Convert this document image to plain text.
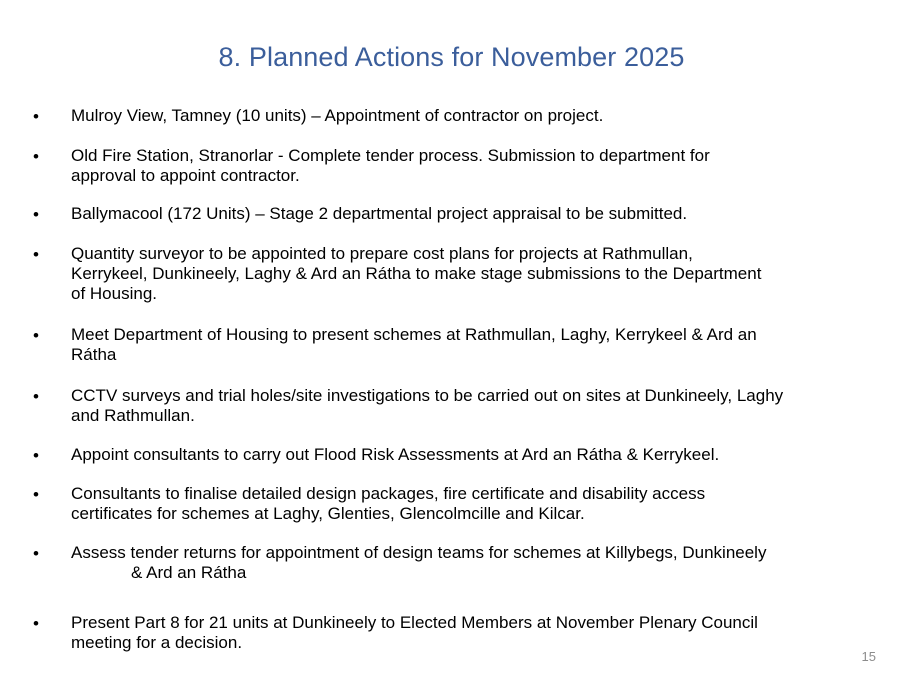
8. Planned Actions for November 2025
• Mulroy View, Tamney (10 units) – Appointment of contractor on project.
• Old Fire Station, Stranorlar - Complete tender process. Submission to department for
approval to appoint contractor.
• Ballymacool (172 Units) – Stage 2 departmental project appraisal to be submitted.
• Quantity surveyor to be appointed to prepare cost plans for projects at Rathmullan,
Kerrykeel, Dunkineely, Laghy & Ard an Rátha to make stage submissions to the Department
of Housing.
• Meet Department of Housing to present schemes at Rathmullan, Laghy, Kerrykeel & Ard an
Rátha
• CCTV surveys and trial holes/site investigations to be carried out on sites at Dunkineely, Laghy
and Rathmullan.
• Appoint consultants to carry out Flood Risk Assessments at Ard an Rátha & Kerrykeel.
• Consultants to finalise detailed design packages, fire certificate and disability access
certificates for schemes at Laghy, Glenties, Glencolmcille and Kilcar.
• Assess tender returns for appointment of design teams for schemes at Killybegs, Dunkineely
& Ard an Rátha
• Present Part 8 for 21 units at Dunkineely to Elected Members at November Plenary Council
meeting for a decision.
15
